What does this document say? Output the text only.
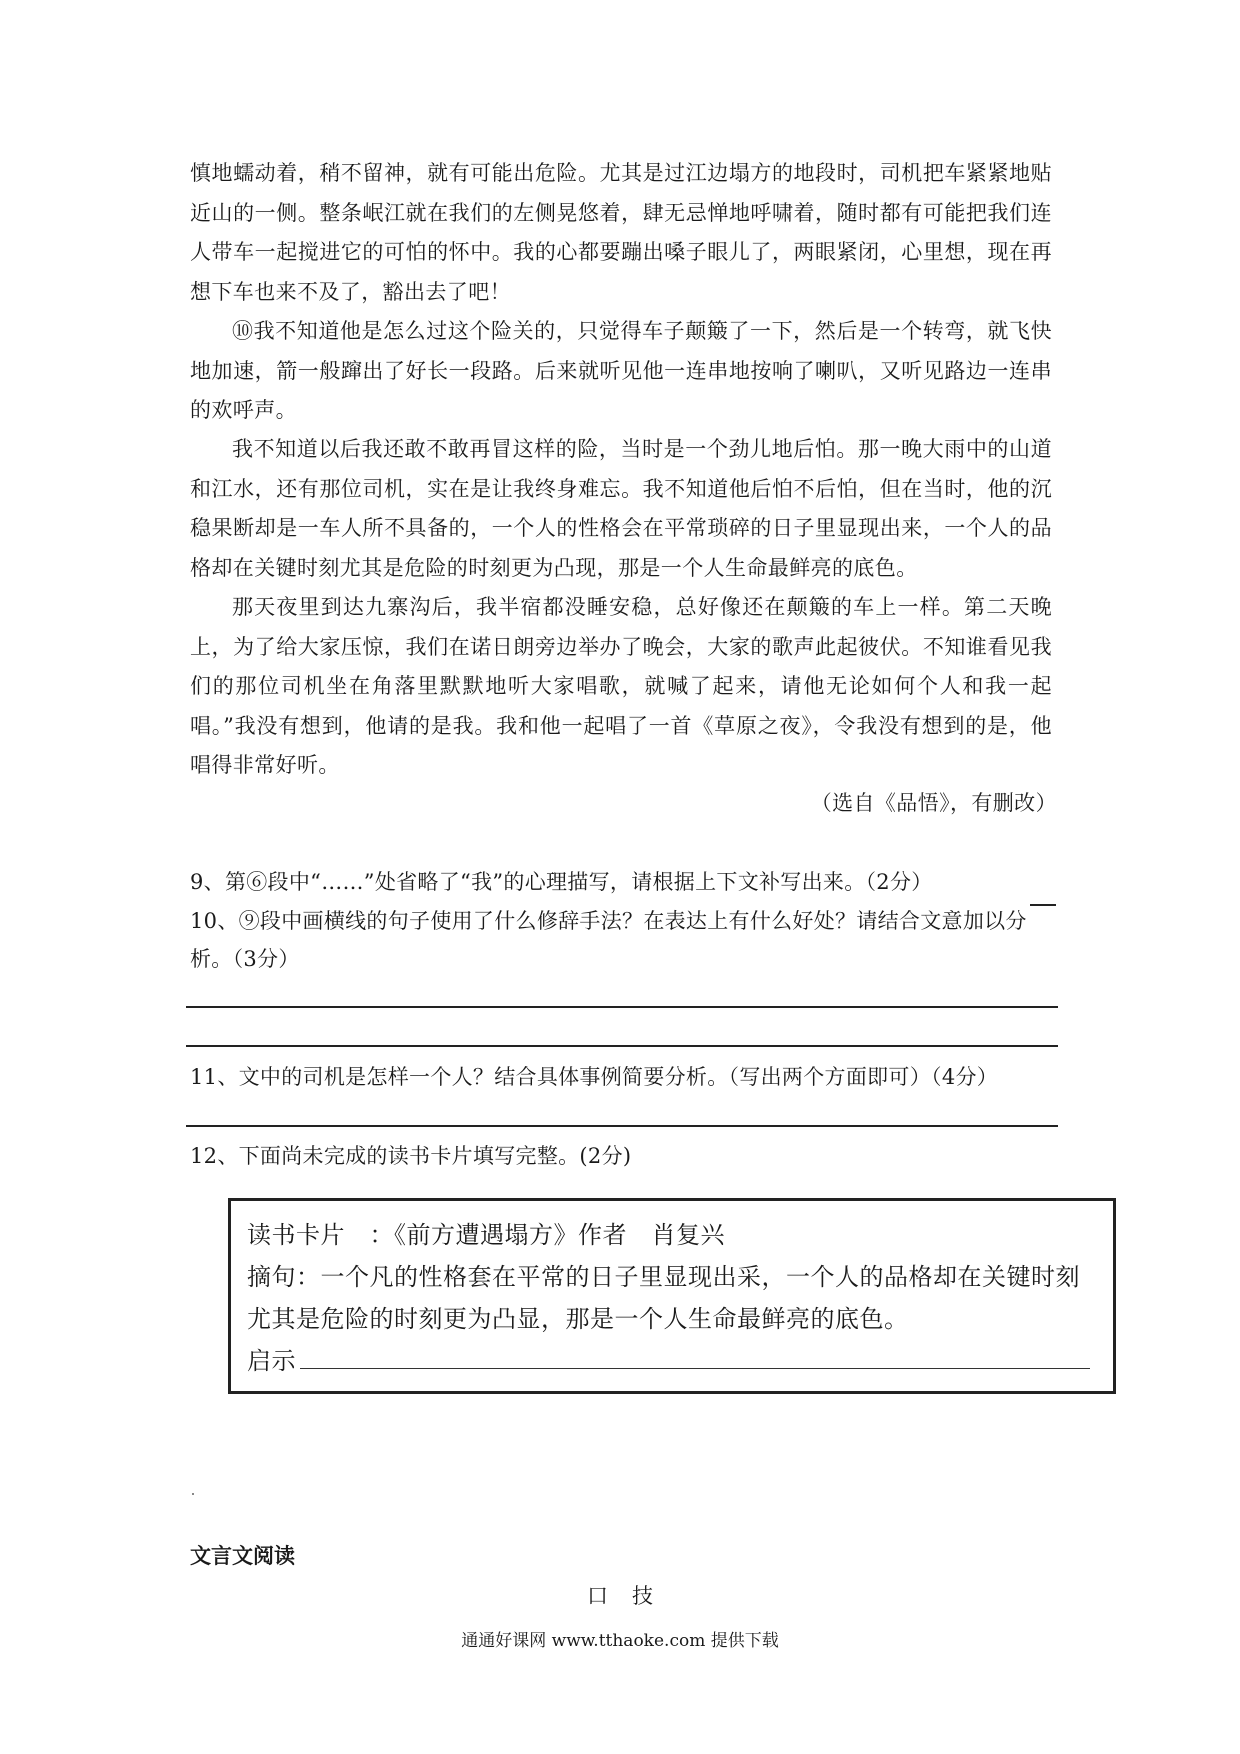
慎地蠕动着，稍不留神，就有可能出危险。尤其是过江边塌方的地段时，司机把车紧紧地贴近山的一侧。整条岷江就在我们的左侧晃悠着，肆无忌惮地呼啸着，随时都有可能把我们连人带车一起搅进它的可怕的怀中。我的心都要蹦出嗓子眼儿了，两眼紧闭，心里想，现在再想下车也来不及了，豁出去了吧！

⑩我不知道他是怎么过这个险关的，只觉得车子颠簸了一下，然后是一个转弯，就飞快地加速，箭一般蹿出了好长一段路。后来就听见他一连串地按响了喇叭，又听见路边一连串的欢呼声。

我不知道以后我还敢不敢再冒这样的险，当时是一个劲儿地后怕。那一晚大雨中的山道和江水，还有那位司机，实在是让我终身难忘。我不知道他后怕不后怕，但在当时，他的沉稳果断却是一车人所不具备的，一个人的性格会在平常琐碎的日子里显现出来，一个人的品格却在关键时刻尤其是危险的时刻更为凸现，那是一个人生命最鲜亮的底色。

那天夜里到达九寨沟后，我半宿都没睡安稳，总好像还在颠簸的车上一样。第二天晚上，为了给大家压惊，我们在诺日朗旁边举办了晚会，大家的歌声此起彼伏。不知谁看见我们的那位司机坐在角落里默默地听大家唱歌，就喊了起来，请他无论如何个人和我一起唱。”我没有想到，他请的是我。我和他一起唱了一首《草原之夜》，令我没有想到的是，他唱得非常好听。

（选自《品悟》，有删改）

9、第⑥段中“……”处省略了“我”的心理描写，请根据上下文补写出来。（2分）

10、⑨段中画横线的句子使用了什么修辞手法？在表达上有什么好处？请结合文意加以分析。（3分）

11、文中的司机是怎样一个人？结合具体事例简要分析。（写出两个方面即可）（4分）

12、下面尚未完成的读书卡片填写完整。(2分)

读书卡片　：《前方遭遇塌方》作者　肖复兴
摘句：一个凡的性格套在平常的日子里显现出采，一个人的品格却在关键时刻
尤其是危险的时刻更为凸显，那是一个人生命最鲜亮的底色。
启示
文言文阅读
口技
通通好课网 www.tthaoke.com 提供下载
